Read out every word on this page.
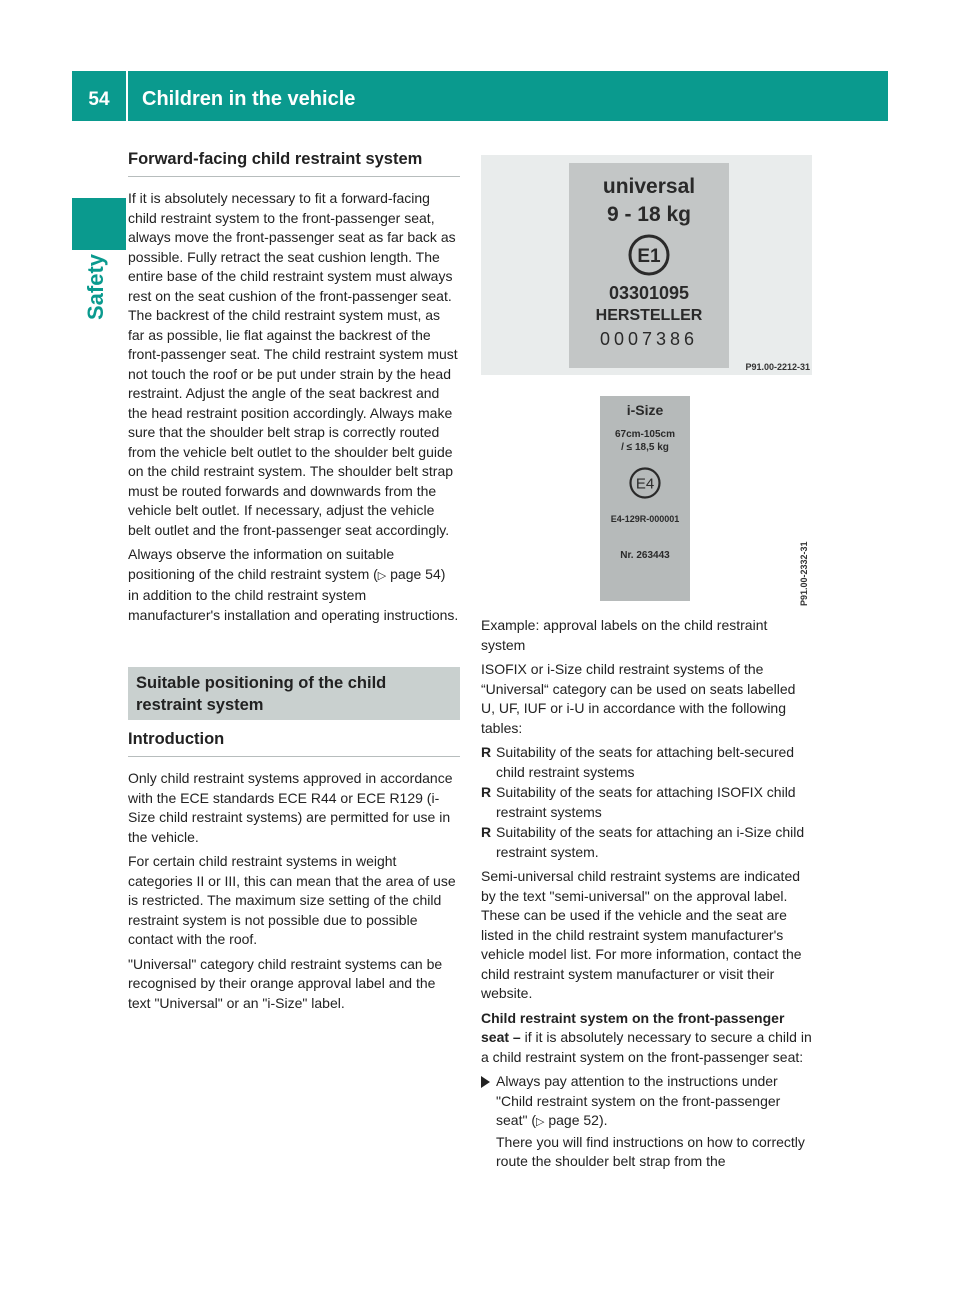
54	Children in the vehicle
Safety
Forward-facing child restraint system

If it is absolutely necessary to fit a forward-facing child restraint system to the front-passenger seat, always move the front-passenger seat as far back as possible. Fully retract the seat cushion length. The entire base of the child restraint system must always rest on the seat cushion of the front-passenger seat. The backrest of the child restraint system must, as far as possible, lie flat against the backrest of the front-passenger seat. The child restraint system must not touch the roof or be put under strain by the head restraint. Adjust the angle of the seat backrest and the head restraint position accordingly. Always make sure that the shoulder belt strap is correctly routed from the vehicle belt outlet to the shoulder belt guide on the child restraint system. The shoulder belt strap must be routed forwards and downwards from the vehicle belt outlet. If necessary, adjust the vehicle belt outlet and the front-passenger seat accordingly.

Always observe the information on suitable positioning of the child restraint system (▷ page 54) in addition to the child restraint system manufacturer's installation and operating instructions.

Suitable positioning of the child restraint system
Introduction

Only child restraint systems approved in accordance with the ECE standards ECE R44 or ECE R129 (i-Size child restraint systems) are permitted for use in the vehicle.

For certain child restraint systems in weight categories II or III, this can mean that the area of use is restricted. The maximum size setting of the child restraint system is not possible due to possible contact with the roof.

"Universal" category child restraint systems can be recognised by their orange approval label and the text "Universal" or an "i-Size" label.

universal
9 - 18 kg
E1
03301095
HERSTELLER
0007386
P91.00-2212-31
i-Size
67cm-105cm
/ ≤ 18,5 kg
E4
E4-129R-000001
Nr. 263443	P91.00-2332-31

Example: approval labels on the child restraint system

ISOFIX or i-Size child restraint systems of the “Universal“ category can be used on seats labelled U, UF, IUF or i-U in accordance with the following tables:

R Suitability of the seats for attaching belt-secured child restraint systems
R Suitability of the seats for attaching ISOFIX child restraint systems
R Suitability of the seats for attaching an i-Size child restraint system.

Semi-universal child restraint systems are indicated by the text "semi-universal" on the approval label. These can be used if the vehicle and the seat are listed in the child restraint system manufacturer's vehicle model list. For more information, contact the child restraint system manufacturer or visit their website.

Child restraint system on the front-passenger seat – if it is absolutely necessary to secure a child in a child restraint system on the front-passenger seat:

Always pay attention to the instructions under "Child restraint system on the front-passenger seat" (▷ page 52).
There you will find instructions on how to correctly route the shoulder belt strap from the
